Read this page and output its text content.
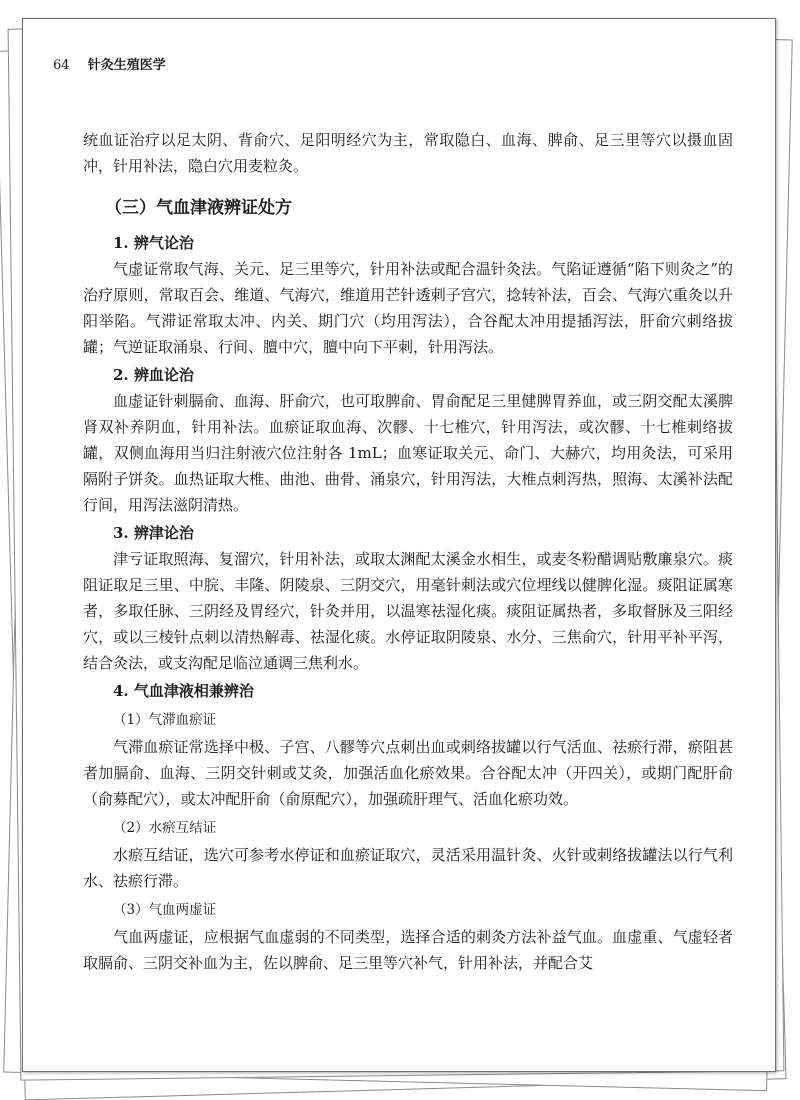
64 针灸生殖医学

统血证治疗以足太阴、背俞穴、足阳明经穴为主，常取隐白、血海、脾俞、足三里等穴以摄血固冲，针用补法，隐白穴用麦粒灸。

（三）气血津液辨证处方
1. 辨气论治

气虚证常取气海、关元、足三里等穴，针用补法或配合温针灸法。气陷证遵循“陷下则灸之”的治疗原则，常取百会、维道、气海穴，维道用芒针透刺子宫穴，捻转补法，百会、气海穴重灸以升阳举陷。气滞证常取太冲、内关、期门穴（均用泻法），合谷配太冲用提插泻法，肝俞穴刺络拔罐；气逆证取涌泉、行间、膻中穴，膻中向下平刺，针用泻法。

2. 辨血论治

血虚证针刺膈俞、血海、肝俞穴，也可取脾俞、胃俞配足三里健脾胃养血，或三阴交配太溪脾肾双补养阴血，针用补法。血瘀证取血海、次髎、十七椎穴，针用泻法，或次髎、十七椎刺络拔罐，双侧血海用当归注射液穴位注射各 1mL；血寒证取关元、命门、大赫穴，均用灸法，可采用隔附子饼灸。血热证取大椎、曲池、曲骨、涌泉穴，针用泻法，大椎点刺泻热，照海、太溪补法配行间，用泻法滋阴清热。

3. 辨津论治

津亏证取照海、复溜穴，针用补法，或取太渊配太溪金水相生，或麦冬粉醋调贴敷廉泉穴。痰阻证取足三里、中脘、丰隆、阴陵泉、三阴交穴，用毫针刺法或穴位埋线以健脾化湿。痰阻证属寒者，多取任脉、三阴经及胃经穴，针灸并用，以温寒祛湿化痰。痰阻证属热者，多取督脉及三阳经穴，或以三棱针点刺以清热解毒、祛湿化痰。水停证取阴陵泉、水分、三焦俞穴，针用平补平泻，结合灸法，或支沟配足临泣通调三焦利水。

4. 气血津液相兼辨治
（1）气滞血瘀证

气滞血瘀证常选择中极、子宫、八髎等穴点刺出血或刺络拔罐以行气活血、祛瘀行滞，瘀阻甚者加膈俞、血海、三阴交针刺或艾灸，加强活血化瘀效果。合谷配太冲（开四关），或期门配肝俞（俞募配穴），或太冲配肝俞（俞原配穴），加强疏肝理气、活血化瘀功效。

（2）水瘀互结证

水瘀互结证，选穴可参考水停证和血瘀证取穴，灵活采用温针灸、火针或刺络拔罐法以行气利水、祛瘀行滞。

（3）气血两虚证

气血两虚证，应根据气血虚弱的不同类型，选择合适的刺灸方法补益气血。血虚重、气虚轻者取膈俞、三阴交补血为主，佐以脾俞、足三里等穴补气，针用补法，并配合艾
